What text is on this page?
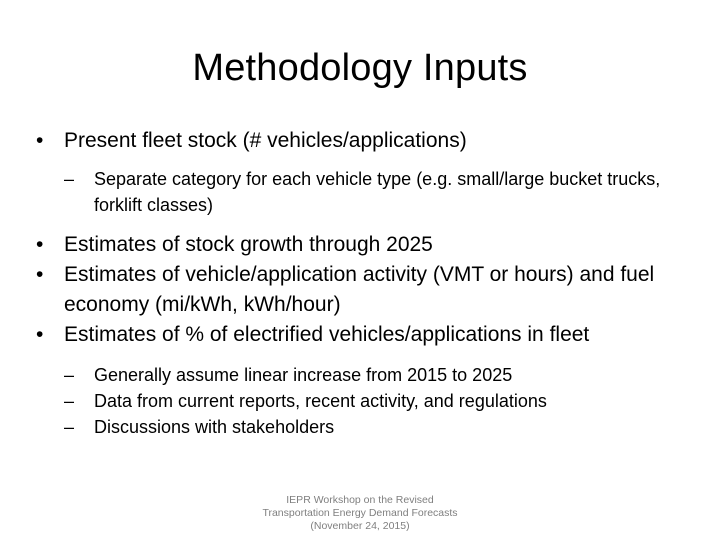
Methodology Inputs
• Present fleet stock (# vehicles/applications)
– Separate category for each vehicle type (e.g. small/large bucket trucks, forklift classes)
• Estimates of stock growth through 2025
• Estimates of vehicle/application activity (VMT or hours) and fuel economy (mi/kWh, kWh/hour)
• Estimates of % of electrified vehicles/applications in fleet
– Generally assume linear increase from 2015 to 2025
– Data from current reports, recent activity, and regulations
– Discussions with stakeholders
IEPR Workshop on the Revised
Transportation Energy Demand Forecasts
(November 24, 2015)
